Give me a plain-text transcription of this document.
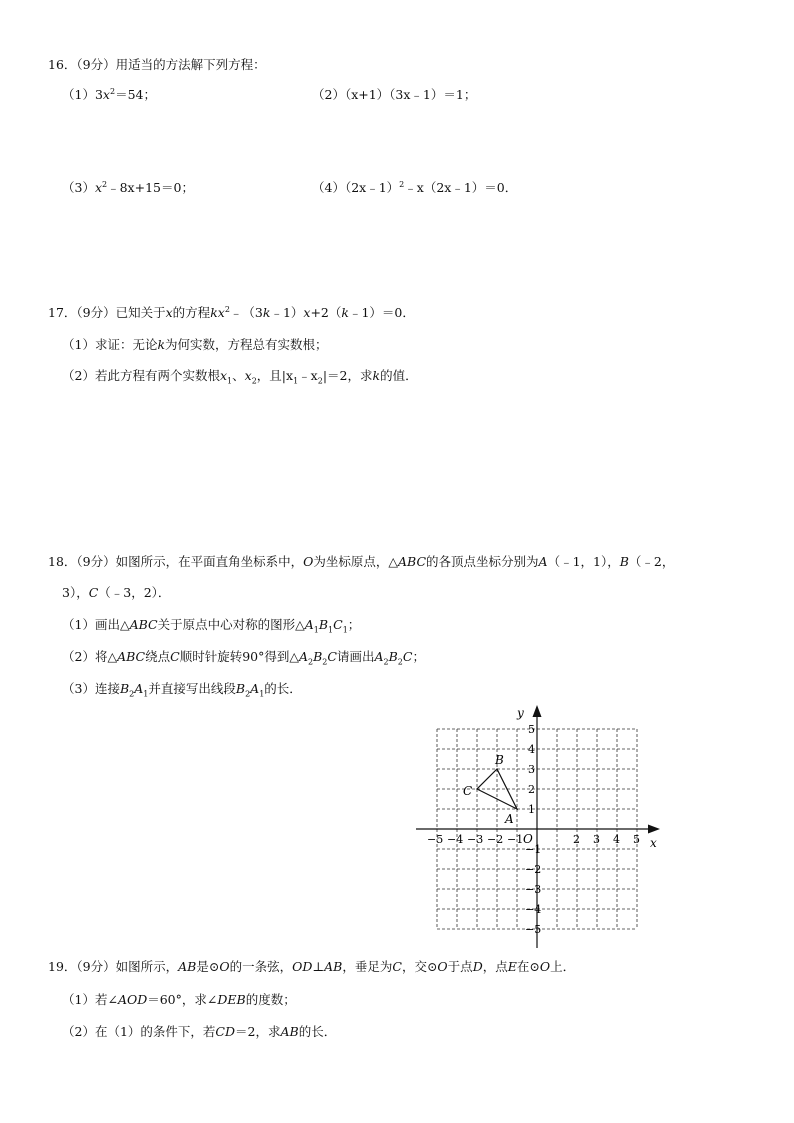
16．（9分）用适当的方法解下列方程：
$(1)3x^2=54$；	（2）（x+1）（3x﹣1）＝1；
$(3)x^2﹣8x+15=0$；	（4）（2x﹣1）$^2$﹣x（2x﹣1）＝0．
17．（9分）已知关于x的方程$kx^2﹣(3k﹣1)x+2(k﹣1)=0$．
（1）求证：无论k为何实数，方程总有实数根；
（2）若此方程有两个实数根$x_1$、$x_2$，且$|x_1﹣x_2|=2$，求k的值．
18．（9分）如图所示，在平面直角坐标系中，O为坐标原点，△ABC的各顶点坐标分别为A（﹣1，1），B（﹣2，
3），C（﹣3，2）．
（1）画出△ABC关于原点中心对称的图形$\triangle A_1B_1C_1$；
（2）将△ABC绕点C顺时针旋转90°得到$\triangle A_2B_2C$请画出$A_2B_2C$；
（3）连接$B_2A_1$并直接写出线段$B_2A_1$的长．
x
y
O
−5 −4 −3 −2 −1	2 3 4 5
5
4
3
2
1
−1
−2
−3
−4
−5
A
B
C
19．（9分）如图所示，AB是⊙O的一条弦，OD⊥AB，垂足为C，交⊙O于点D，点E在⊙O上．
（1）若∠AOD＝60°，求∠DEB的度数；
（2）在（1）的条件下，若CD＝2，求AB的长．
